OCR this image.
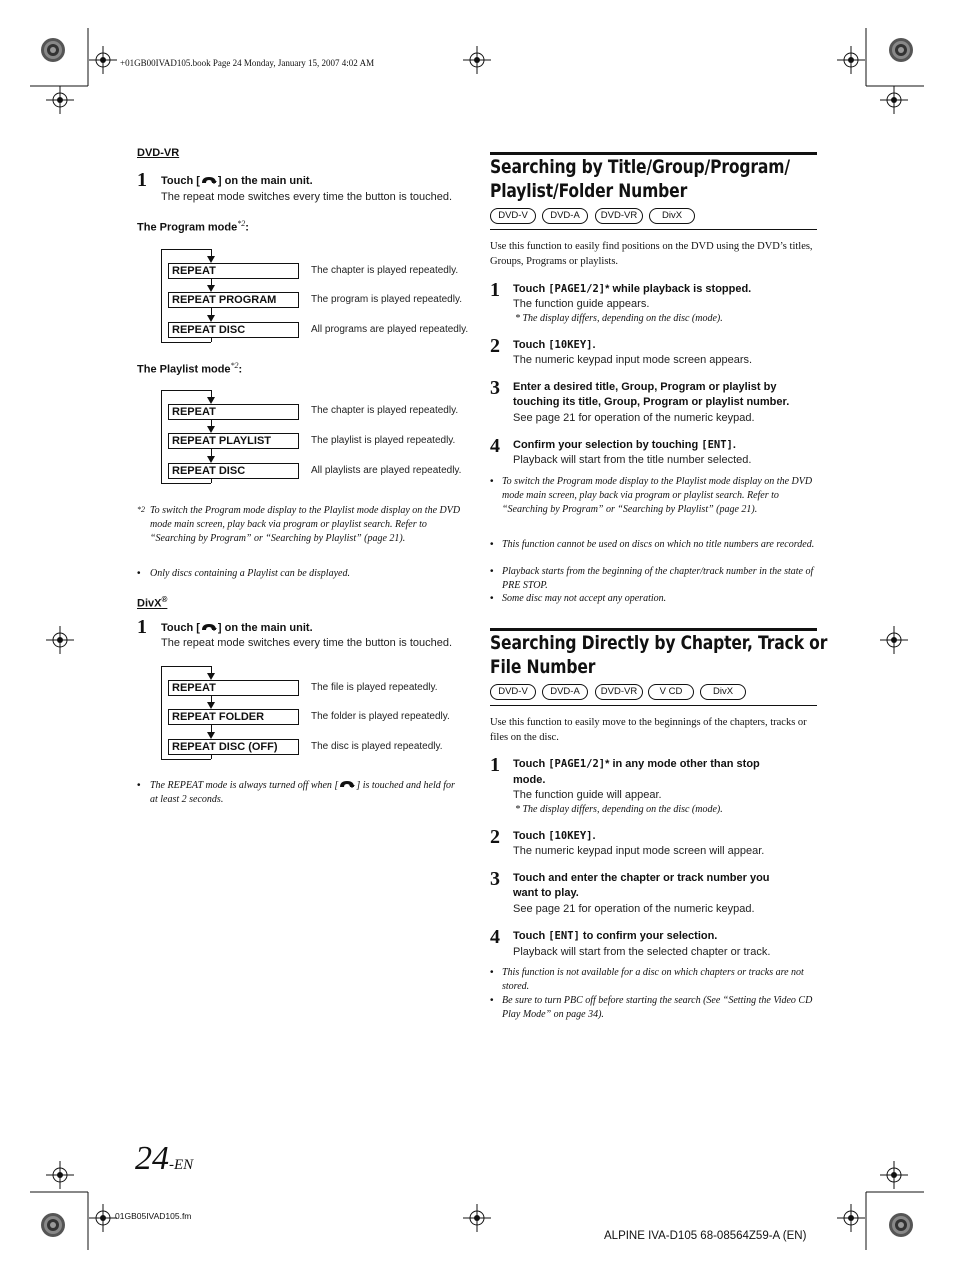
+01GB00IVAD105.book Page 24 Monday, January 15, 2007 4:02 AM
DVD-VR
1 Touch [ ] on the main unit.
The repeat mode switches every time the button is touched.
The Program mode$^{*2}$:
REPEAT	The chapter is played repeatedly.
REPEAT PROGRAM	The program is played repeatedly.
REPEAT DISC	All programs are played repeatedly.
The Playlist mode$^{*2}$:
REPEAT	The chapter is played repeatedly.
REPEAT PLAYLIST	The playlist is played repeatedly.
REPEAT DISC	All playlists are played repeatedly.
*2 To switch the Program mode display to the Playlist mode display on the DVD mode main screen, play back via program or playlist search. Refer to “Searching by Program” or “Searching by Playlist” (page 21).
• Only discs containing a Playlist can be displayed.
DivX®
1 Touch [ ] on the main unit.
The repeat mode switches every time the button is touched.
REPEAT	The file is played repeatedly.
REPEAT FOLDER	The folder is played repeatedly.
REPEAT DISC (OFF)	The disc is played repeatedly.
• The REPEAT mode is always turned off when [ ] is touched and held for at least 2 seconds.
Searching by Title/Group/Program/
Playlist/Folder Number
DVD-V	DVD-A	DVD-VR	DivX
Use this function to easily find positions on the DVD using the DVD’s titles, Groups, Programs or playlists.
1 Touch [PAGE1/2]* while playback is stopped.
The function guide appears.
* The display differs, depending on the disc (mode).
2 Touch [10KEY].
The numeric keypad input mode screen appears.
3 Enter a desired title, Group, Program or playlist by
touching its title, Group, Program or playlist number.
See page 21 for operation of the numeric keypad.
4 Confirm your selection by touching [ENT].
Playback will start from the title number selected.
• To switch the Program mode display to the Playlist mode display on the DVD mode main screen, play back via program or playlist search. Refer to “Searching by Program” or “Searching by Playlist” (page 21).
• This function cannot be used on discs on which no title numbers are recorded.
• Playback starts from the beginning of the chapter/track number in the state of PRE STOP.
• Some disc may not accept any operation.
Searching Directly by Chapter, Track or
File Number
DVD-V	DVD-A	DVD-VR	V CD	DivX
Use this function to easily move to the beginnings of the chapters, tracks or files on the disc.
1 Touch [PAGE1/2]* in any mode other than stop
mode.
The function guide will appear.
* The display differs, depending on the disc (mode).
2 Touch [10KEY].
The numeric keypad input mode screen will appear.
3 Touch and enter the chapter or track number you
want to play.
See page 21 for operation of the numeric keypad.
4 Touch [ENT] to confirm your selection.
Playback will start from the selected chapter or track.
• This function is not available for a disc on which chapters or tracks are not stored.
• Be sure to turn PBC off before starting the search (See “Setting the Video CD Play Mode” on page 34).
24-EN
01GB05IVAD105.fm
ALPINE IVA-D105 68-08564Z59-A (EN)
